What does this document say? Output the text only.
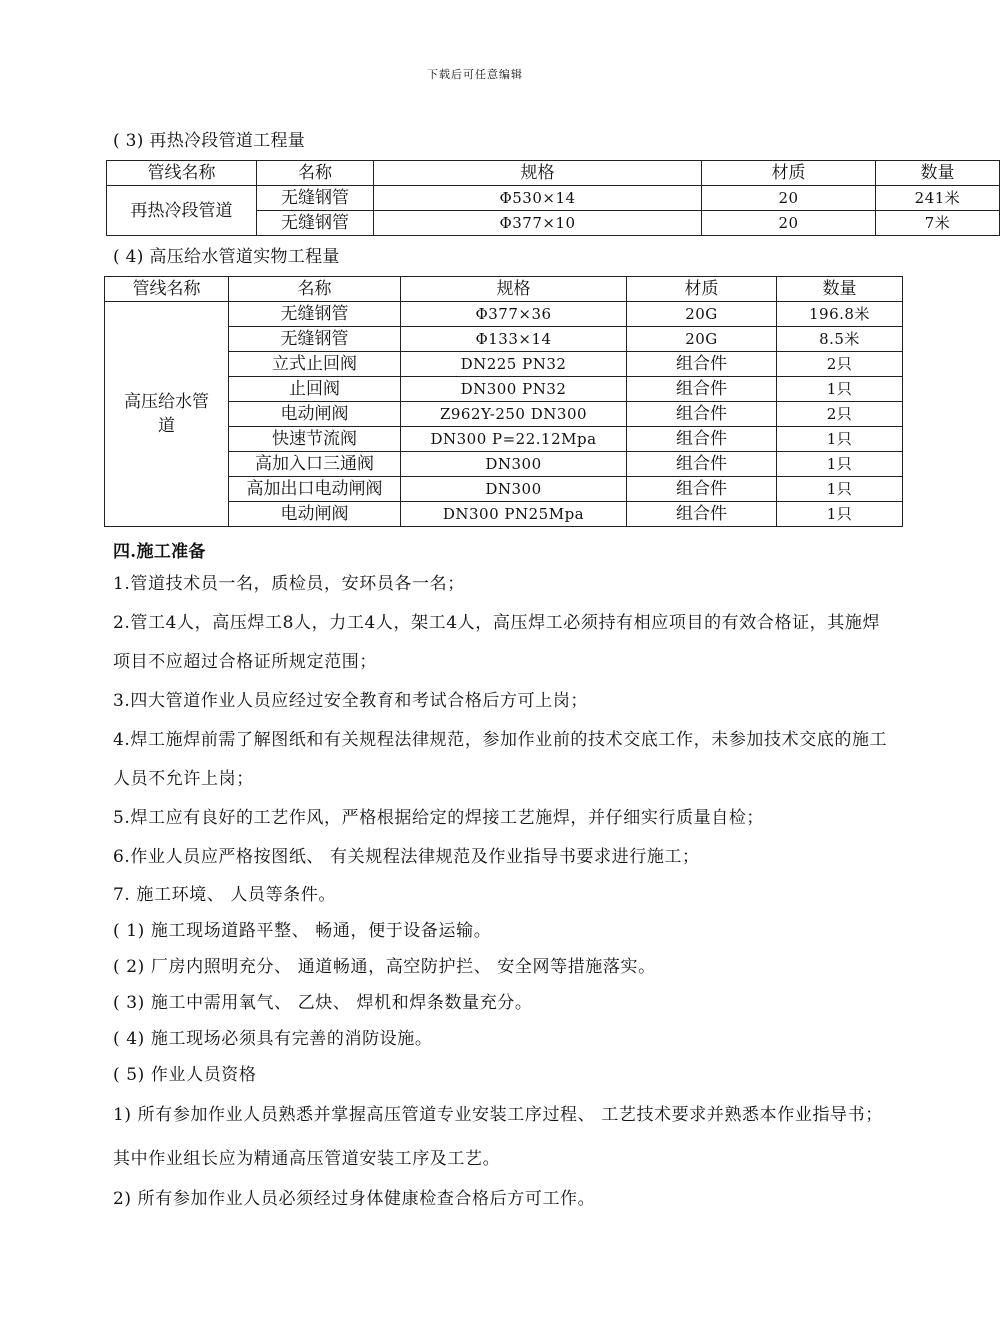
下载后可任意编辑
( 3) 再热冷段管道工程量
管线名称	名称	规格	材质	数量
再热冷段管道	无缝钢管	Φ530×14	20	241米
	无缝钢管	Φ377×10	20	7米
( 4) 高压给水管道实物工程量
管线名称	名称	规格	材质	数量
高压给水管道	无缝钢管	Φ377×36	20G	196.8米
	无缝钢管	Φ133×14	20G	8.5米
	立式止回阀	DN225 PN32	组合件	2只
	止回阀	DN300 PN32	组合件	1只
	电动闸阀	Z962Y-250 DN300	组合件	2只
	快速节流阀	DN300 P=22.12Mpa	组合件	1只
	高加入口三通阀	DN300	组合件	1只
	高加出口电动闸阀	DN300	组合件	1只
	电动闸阀	DN300 PN25Mpa	组合件	1只
四.施工准备
1.管道技术员一名，质检员，安环员各一名；
2.管工4人，高压焊工8人，力工4人，架工4人，高压焊工必须持有相应项目的有效合格证，其施焊项目不应超过合格证所规定范围；
3.四大管道作业人员应经过安全教育和考试合格后方可上岗；
4.焊工施焊前需了解图纸和有关规程法律规范，参加作业前的技术交底工作，未参加技术交底的施工人员不允许上岗；
5.焊工应有良好的工艺作风，严格根据给定的焊接工艺施焊，并仔细实行质量自检；
6.作业人员应严格按图纸、 有关规程法律规范及作业指导书要求进行施工；
7. 施工环境、 人员等条件。
( 1) 施工现场道路平整、 畅通，便于设备运输。
( 2) 厂房内照明充分、 通道畅通，高空防护拦、 安全网等措施落实。
( 3) 施工中需用氧气、 乙炔、 焊机和焊条数量充分。
( 4) 施工现场必须具有完善的消防设施。
( 5) 作业人员资格
1) 所有参加作业人员熟悉并掌握高压管道专业安装工序过程、 工艺技术要求并熟悉本作业指导书；其中作业组长应为精通高压管道安装工序及工艺。
2) 所有参加作业人员必须经过身体健康检查合格后方可工作。
